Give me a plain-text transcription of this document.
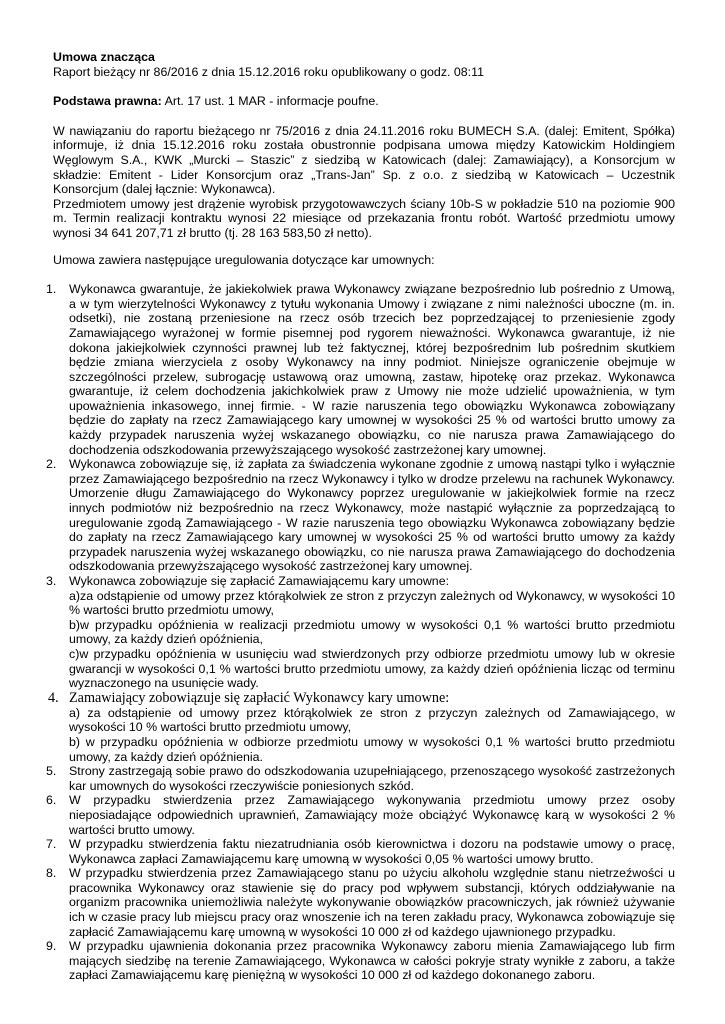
Umowa znacząca

Raport bieżący nr 86/2016 z dnia 15.12.2016 roku opublikowany o godz. 08:11

Podstawa prawna: Art. 17 ust. 1 MAR - informacje poufne.

W nawiązaniu do raportu bieżącego nr 75/2016 z dnia 24.11.2016 roku BUMECH S.A. (dalej: Emitent, Spółka) informuje, iż dnia 15.12.2016 roku została obustronnie podpisana umowa między Katowickim Holdingiem Węglowym S.A., KWK „Murcki – Staszic” z siedzibą w Katowicach (dalej: Zamawiający), a Konsorcjum w składzie: Emitent - Lider Konsorcjum oraz „Trans-Jan” Sp. z o.o. z siedzibą w Katowicach – Uczestnik Konsorcjum (dalej łącznie: Wykonawca).

Przedmiotem umowy jest drążenie wyrobisk przygotowawczych ściany 10b-S w pokładzie 510 na poziomie 900 m. Termin realizacji kontraktu wynosi 22 miesiące od przekazania frontu robót. Wartość przedmiotu umowy wynosi 34 641 207,71 zł brutto (tj. 28 163 583,50 zł netto).

Umowa zawiera następujące uregulowania dotyczące kar umownych:

1. Wykonawca gwarantuje, że jakiekolwiek prawa Wykonawcy związane bezpośrednio lub pośrednio z Umową, a w tym wierzytelności Wykonawcy z tytułu wykonania Umowy i związane z nimi należności uboczne (m. in. odsetki), nie zostaną przeniesione na rzecz osób trzecich bez poprzedzającej to przeniesienie zgody Zamawiającego wyrażonej w formie pisemnej pod rygorem nieważności. Wykonawca gwarantuje, iż nie dokona jakiejkolwiek czynności prawnej lub też faktycznej, której bezpośrednim lub pośrednim skutkiem będzie zmiana wierzyciela z osoby Wykonawcy na inny podmiot. Niniejsze ograniczenie obejmuje w szczególności przelew, subrogację ustawową oraz umowną, zastaw, hipotekę oraz przekaz. Wykonawca gwarantuje, iż celem dochodzenia jakichkolwiek praw z Umowy nie może udzielić upoważnienia, w tym upoważnienia inkasowego, innej firmie. - W razie naruszenia tego obowiązku Wykonawca zobowiązany będzie do zapłaty na rzecz Zamawiającego kary umownej w wysokości 25 % od wartości brutto umowy za każdy przypadek naruszenia wyżej wskazanego obowiązku, co nie narusza prawa Zamawiającego do dochodzenia odszkodowania przewyższającego wysokość zastrzeżonej kary umownej.
2. Wykonawca zobowiązuje się, iż zapłata za świadczenia wykonane zgodnie z umową nastąpi tylko i wyłącznie przez Zamawiającego bezpośrednio na rzecz Wykonawcy i tylko w drodze przelewu na rachunek Wykonawcy. Umorzenie długu Zamawiającego do Wykonawcy poprzez uregulowanie w jakiejkolwiek formie na rzecz innych podmiotów niż bezpośrednio na rzecz Wykonawcy, może nastąpić wyłącznie za poprzedzającą to uregulowanie zgodą Zamawiającego - W razie naruszenia tego obowiązku Wykonawca zobowiązany będzie do zapłaty na rzecz Zamawiającego kary umownej w wysokości 25 % od wartości brutto umowy za każdy przypadek naruszenia wyżej wskazanego obowiązku, co nie narusza prawa Zamawiającego do dochodzenia odszkodowania przewyższającego wysokość zastrzeżonej kary umownej.
3. Wykonawca zobowiązuje się zapłacić Zamawiającemu kary umowne:
a)za odstąpienie od umowy przez którąkolwiek ze stron z przyczyn zależnych od Wykonawcy, w wysokości 10 % wartości brutto przedmiotu umowy,
b)w przypadku opóźnienia w realizacji przedmiotu umowy w wysokości 0,1 % wartości brutto przedmiotu umowy, za każdy dzień opóźnienia,
c)w przypadku opóźnienia w usunięciu wad stwierdzonych przy odbiorze przedmiotu umowy lub w okresie gwarancji w wysokości 0,1 % wartości brutto przedmiotu umowy, za każdy dzień opóźnienia licząc od terminu wyznaczonego na usunięcie wady.
4. Zamawiający zobowiązuje się zapłacić Wykonawcy kary umowne:
a) za odstąpienie od umowy przez którąkolwiek ze stron z przyczyn zależnych od Zamawiającego, w wysokości 10 % wartości brutto przedmiotu umowy,
b) w przypadku opóźnienia w odbiorze przedmiotu umowy w wysokości 0,1 % wartości brutto przedmiotu umowy, za każdy dzień opóźnienia.
5. Strony zastrzegają sobie prawo do odszkodowania uzupełniającego, przenoszącego wysokość zastrzeżonych kar umownych do wysokości rzeczywiście poniesionych szkód.
6. W przypadku stwierdzenia przez Zamawiającego wykonywania przedmiotu umowy przez osoby nieposiadające odpowiednich uprawnień, Zamawiający może obciążyć Wykonawcę karą w wysokości 2 % wartości brutto umowy.
7. W przypadku stwierdzenia faktu niezatrudniania osób kierownictwa i dozoru na podstawie umowy o pracę, Wykonawca zapłaci Zamawiającemu karę umowną w wysokości 0,05 % wartości umowy brutto.
8. W przypadku stwierdzenia przez Zamawiającego stanu po użyciu alkoholu względnie stanu nietrzeźwości u pracownika Wykonawcy oraz stawienie się do pracy pod wpływem substancji, których oddziaływanie na organizm pracownika uniemożliwia należyte wykonywanie obowiązków pracowniczych, jak również używanie ich w czasie pracy lub miejscu pracy oraz wnoszenie ich na teren zakładu pracy, Wykonawca zobowiązuje się zapłacić Zamawiającemu karę umowną w wysokości 10 000 zł od każdego ujawnionego przypadku.
9. W przypadku ujawnienia dokonania przez pracownika Wykonawcy zaboru mienia Zamawiającego lub firm mających siedzibę na terenie Zamawiającego, Wykonawca w całości pokryje straty wynikłe z zaboru, a także zapłaci Zamawiającemu karę pieniężną w wysokości 10 000 zł od każdego dokonanego zaboru.
